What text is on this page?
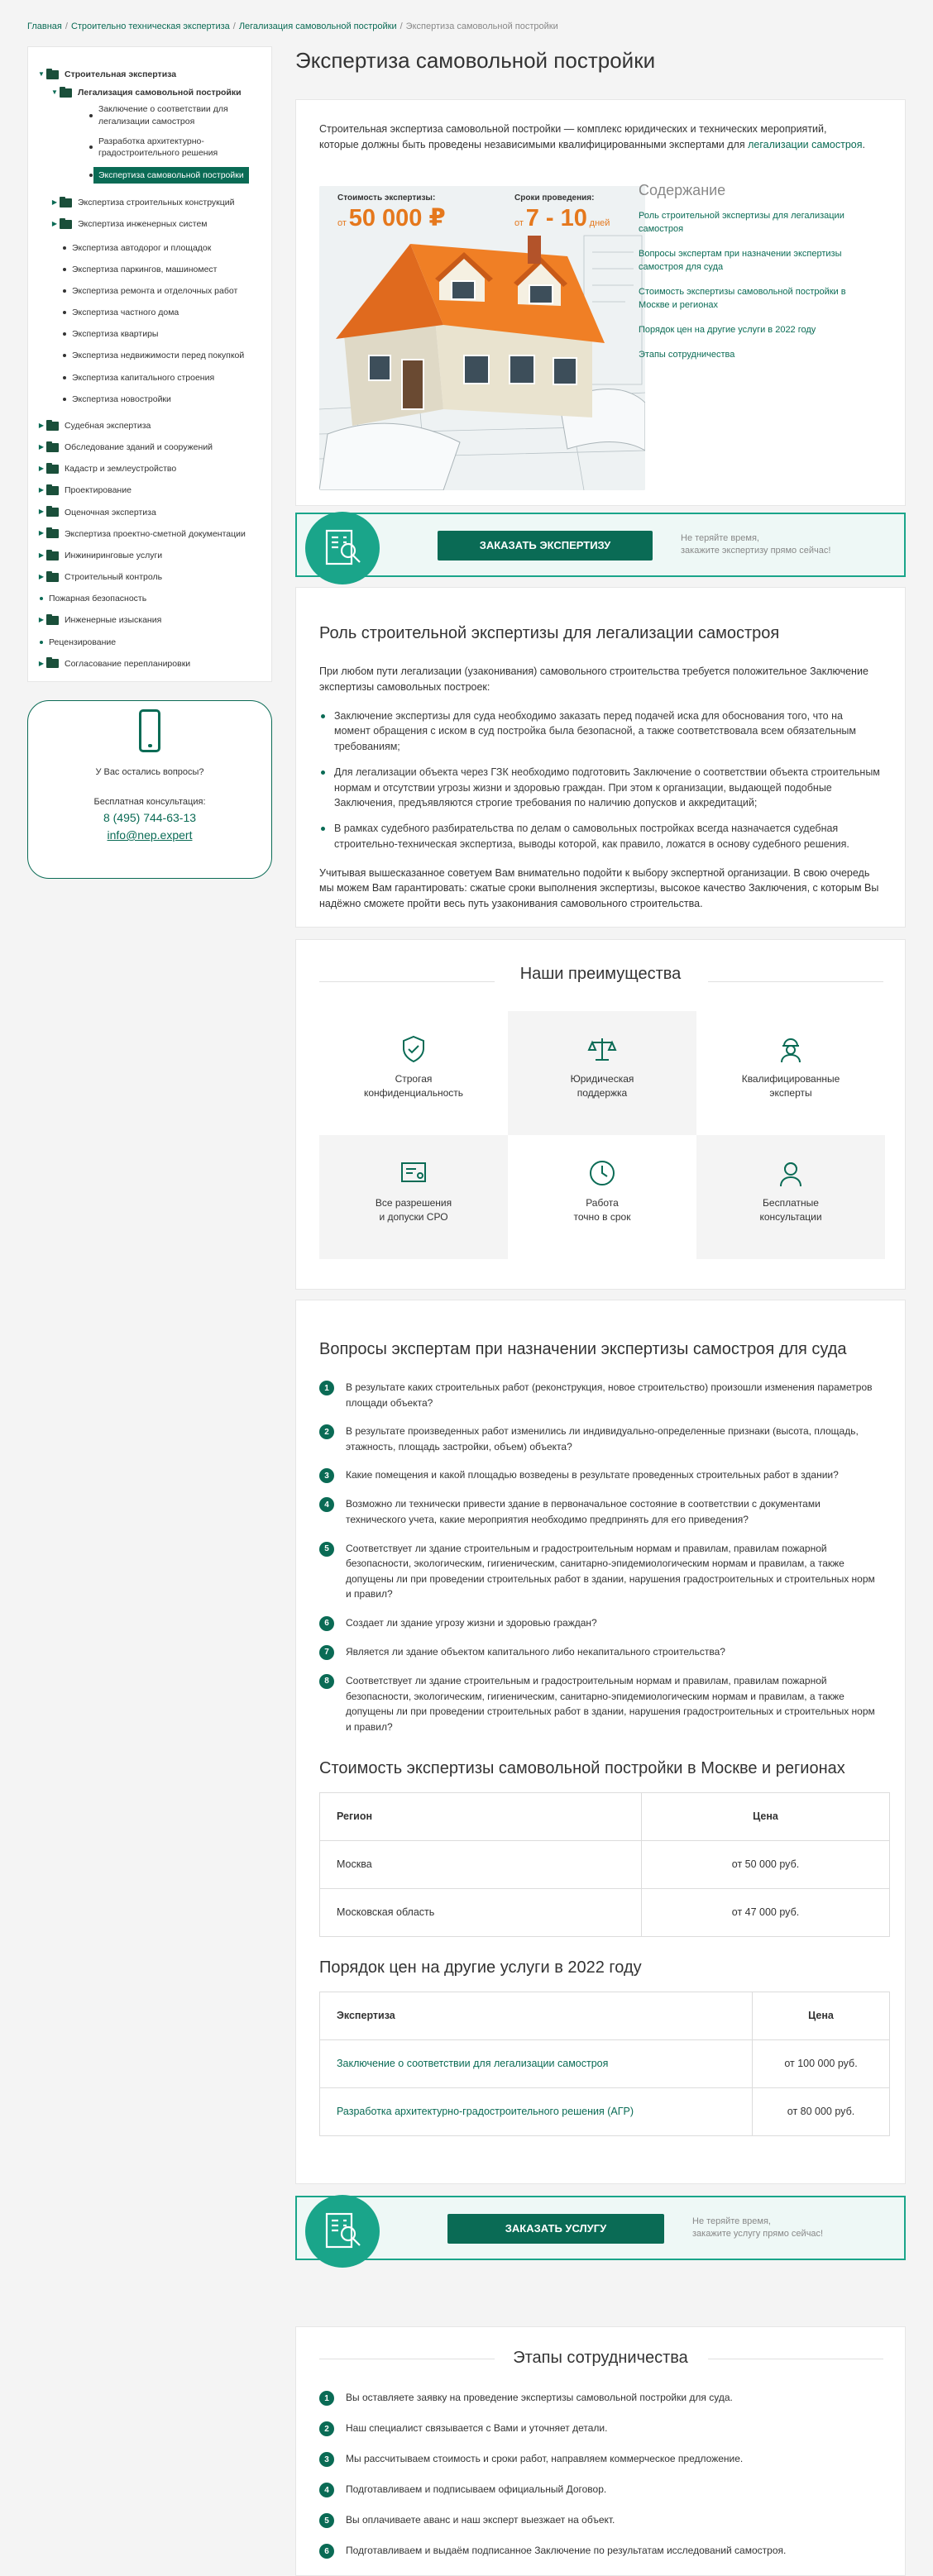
Главная / Строительно техническая экспертиза / Легализация самовольной постройки / Экспертиза самовольной постройки
▼ Строительная экспертиза
▼ Легализация самовольной постройки
Заключение о соответствии для легализации самостроя
Разработка архитектурно-градостроительного решения
Экспертиза самовольной постройки
▶ Экспертиза строительных конструкций
▶ Экспертиза инженерных систем
Экспертиза автодорог и площадок
Экспертиза паркингов, машиномест
Экспертиза ремонта и отделочных работ
Экспертиза частного дома
Экспертиза квартиры
Экспертиза недвижимости перед покупкой
Экспертиза капитального строения
Экспертиза новостройки
▶ Судебная экспертиза
▶ Обследование зданий и сооружений
▶ Кадастр и землеустройство
▶ Проектирование
▶ Оценочная экспертиза
▶ Экспертиза проектно-сметной документации
▶ Инжиниринговые услуги
▶ Строительный контроль
Пожарная безопасность
▶ Инженерные изыскания
Рецензирование
▶ Согласование перепланировки
У Вас остались вопросы?
Бесплатная консультация:
8 (495) 744-63-13
info@nep.expert
Экспертиза самовольной постройки

Строительная экспертиза самовольной постройки — комплекс юридических и технических мероприятий, которые должны быть проведены независимыми квалифицированными экспертами для легализации самостроя.

Стоимость экспертизы:
от 50 000 ₽
Сроки проведения:
от 7 - 10 дней
Содержание
Роль строительной экспертизы для легализации самостроя
Вопросы экспертам при назначении экспертизы самостроя для суда
Стоимость экспертизы самовольной постройки в Москве и регионах
Порядок цен на другие услуги в 2022 году
Этапы сотрудничества
ЗАКАЗАТЬ ЭКСПЕРТИЗУ
Не теряйте время,
закажите экспертизу прямо сейчас!
Роль строительной экспертизы для легализации самостроя
При любом пути легализации (узаконивания) самовольного строительства требуется положительное Заключение экспертизы самовольных построек:
Заключение экспертизы для суда необходимо заказать перед подачей иска для обоснования того, что на момент обращения с иском в суд постройка была безопасной, а также соответствовала всем обязательным требованиям;
Для легализации объекта через ГЗК необходимо подготовить Заключение о соответствии объекта строительным нормам и отсутствии угрозы жизни и здоровью граждан. При этом к организации, выдающей подобные Заключения, предъявляются строгие требования по наличию допусков и аккредитаций;
В рамках судебного разбирательства по делам о самовольных постройках всегда назначается судебная строительно-техническая экспертиза, выводы которой, как правило, ложатся в основу судебного решения.
Учитывая вышесказанное советуем Вам внимательно подойти к выбору экспертной организации. В свою очередь мы можем Вам гарантировать: сжатые сроки выполнения экспертизы, высокое качество Заключения, с которым Вы надёжно сможете пройти весь путь узаконивания самовольного строительства.
Наши преимущества
Строгая
конфиденциальность
Юридическая
поддержка
Квалифицированные
эксперты
Все разрешения
и допуски СРО
Работа
точно в срок
Бесплатные
консультации
Вопросы экспертам при назначении экспертизы самостроя для суда
1	В результате каких строительных работ (реконструкция, новое строительство) произошли изменения параметров площади объекта?
2	В результате произведенных работ изменились ли индивидуально-определенные признаки (высота, площадь, этажность, площадь застройки, объем) объекта?
3	Какие помещения и какой площадью возведены в результате проведенных строительных работ в здании?
4	Возможно ли технически привести здание в первоначальное состояние в соответствии с документами технического учета, какие мероприятия необходимо предпринять для его приведения?
5	Соответствует ли здание строительным и градостроительным нормам и правилам, правилам пожарной безопасности, экологическим, гигиеническим, санитарно-эпидемиологическим нормам и правилам, а также допущены ли при проведении строительных работ в здании, нарушения градостроительных и строительных норм и правил?
6	Создает ли здание угрозу жизни и здоровью граждан?
7	Является ли здание объектом капитального либо некапитального строительства?
8	Соответствует ли здание строительным и градостроительным нормам и правилам, правилам пожарной безопасности, экологическим, гигиеническим, санитарно-эпидемиологическим нормам и правилам, а также допущены ли при проведении строительных работ в здании, нарушения градостроительных и строительных норм и правил?
Стоимость экспертизы самовольной постройки в Москве и регионах
Регион	Цена
Москва	от 50 000 руб.
Московская область	от 47 000 руб.
Порядок цен на другие услуги в 2022 году
Экспертиза	Цена
Заключение о соответствии для легализации самостроя	от 100 000 руб.
Разработка архитектурно-градостроительного решения (АГР)	от 80 000 руб.
ЗАКАЗАТЬ УСЛУГУ
Не теряйте время,
закажите услугу прямо сейчас!
Этапы сотрудничества
1	Вы оставляете заявку на проведение экспертизы самовольной постройки для суда.
2	Наш специалист связывается с Вами и уточняет детали.
3	Мы рассчитываем стоимость и сроки работ, направляем коммерческое предложение.
4	Подготавливаем и подписываем официальный Договор.
5	Вы оплачиваете аванс и наш эксперт выезжает на объект.
6	Подготавливаем и выдаём подписанное Заключение по результатам исследований самостроя.
